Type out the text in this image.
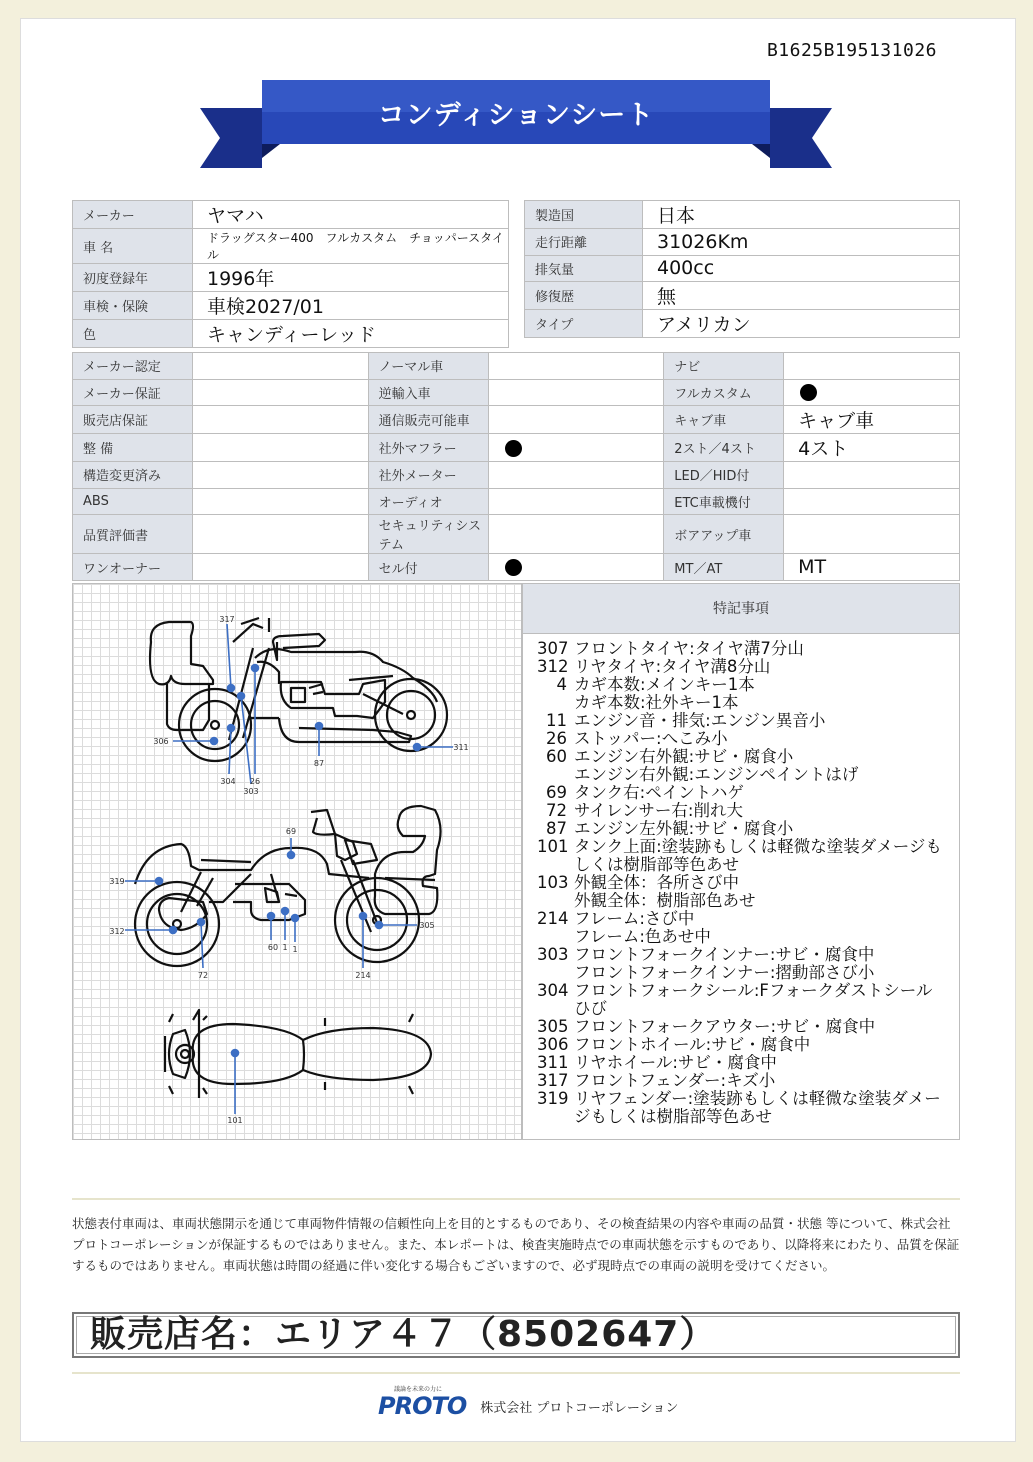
B1625B195131026
コンディションシート
メーカー	ヤマハ
車 名	ドラッグスター400　フルカスタム　チョッパースタイル
初度登録年	1996年
車検・保険	車検2027/01
色	キャンディーレッド
製造国	日本
走行距離	31026Km
排気量	400cc
修復歴	無
タイプ	アメリカン
メーカー認定		ノーマル車		ナビ	
メーカー保証		逆輸入車		フルカスタム	
販売店保証		通信販売可能車		キャブ車	キャブ車
整 備		社外マフラー		2スト／4スト	4スト
構造変更済み		社外メーター		LED／HID付	
ABS		オーディオ		ETC車載機付	
品質評価書		セキュリティシステム		ボアアップ車	
ワンオーナー		セル付		MT／AT	MT
317
306
304 26
303
87
311
69
319
312
72
60 1 1
214
305
101
特記事項
307 フロントタイヤ:タイヤ溝7分山
312 リヤタイヤ:タイヤ溝8分山
4 カギ本数:メインキー1本
カギ本数:社外キー1本
11 エンジン音・排気:エンジン異音小
26 ストッパー:へこみ小
60 エンジン右外観:サビ・腐食小
エンジン右外観:エンジンペイントはげ
69 タンク右:ペイントハゲ
72 サイレンサー右:削れ大
87 エンジン左外観:サビ・腐食小
101 タンク上面:塗装跡もしくは軽微な塗装ダメージもしくは樹脂部等色あせ
103 外観全体：各所さび中
外観全体：樹脂部色あせ
214 フレーム:さび中
フレーム:色あせ中
303 フロントフォークインナー:サビ・腐食中
フロントフォークインナー:摺動部さび小
304 フロントフォークシール:Fフォークダストシールひび
305 フロントフォークアウター:サビ・腐食中
306 フロントホイール:サビ・腐食中
311 リヤホイール:サビ・腐食中
317 フロントフェンダー:キズ小
319 リヤフェンダー:塗装跡もしくは軽微な塗装ダメージもしくは樹脂部等色あせ
状態表付車両は、車両状態開示を通じて車両物件情報の信頼性向上を目的とするものであり、その検査結果の内容や車両の品質・状態 等について、株式会社プロトコーポレーションが保証するものではありません。また、本レポートは、検査実施時点での車両状態を示すものであり、以降将来にわたり、品質を保証するものではありません。車両状態は時間の経過に伴い変化する場合もございますので、必ず現時点での車両の説明を受けてください。
販売店名：エリア４７（8502647）
議論を未来の力に
PROTO 株式会社 プロトコーポレーション
